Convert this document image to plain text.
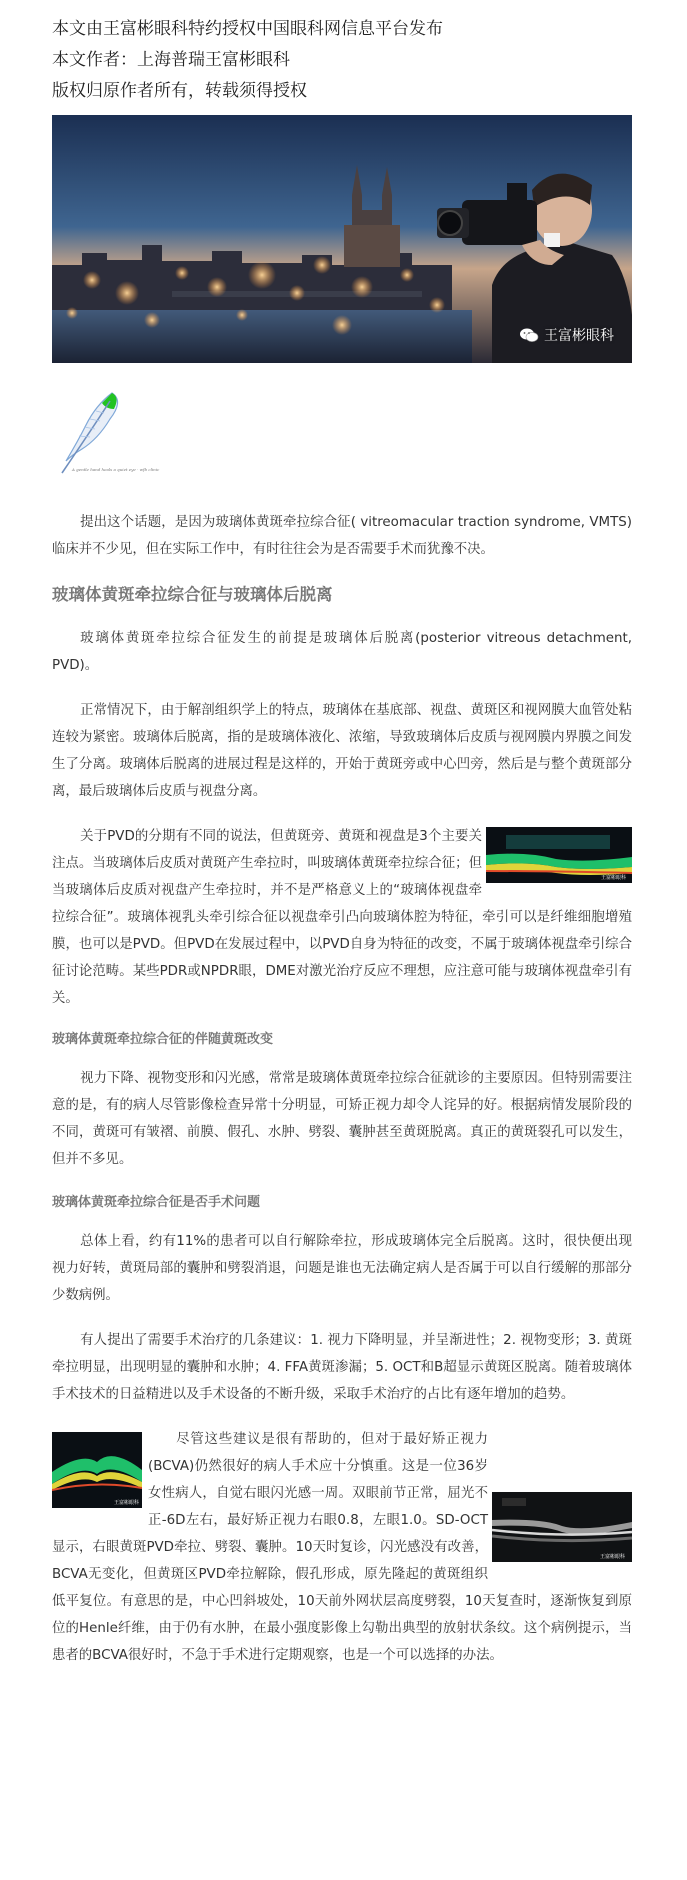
本文由王富彬眼科特约授权中国眼科网信息平台发布

本文作者：上海普瑞王富彬眼科

版权归原作者所有，转载须得授权

王富彬眼科
A gentle hand heals a quiet eye · wfb clinic

提出这个话题，是因为玻璃体黄斑牵拉综合征( vitreomacular traction syndrome, VMTS)临床并不少见，但在实际工作中，有时往往会为是否需要手术而犹豫不决。

玻璃体黄斑牵拉综合征与玻璃体后脱离

玻璃体黄斑牵拉综合征发生的前提是玻璃体后脱离(posterior vitreous detachment, PVD)。

正常情况下，由于解剖组织学上的特点，玻璃体在基底部、视盘、黄斑区和视网膜大血管处粘连较为紧密。玻璃体后脱离，指的是玻璃体液化、浓缩，导致玻璃体后皮质与视网膜内界膜之间发生了分离。玻璃体后脱离的进展过程是这样的，开始于黄斑旁或中心凹旁，然后是与整个黄斑部分离，最后玻璃体后皮质与视盘分离。

王富彬眼科

关于PVD的分期有不同的说法，但黄斑旁、黄斑和视盘是3个主要关注点。当玻璃体后皮质对黄斑产生牵拉时，叫玻璃体黄斑牵拉综合征；但当玻璃体后皮质对视盘产生牵拉时，并不是严格意义上的“玻璃体视盘牵拉综合征”。玻璃体视乳头牵引综合征以视盘牵引凸向玻璃体腔为特征，牵引可以是纤维细胞增殖膜，也可以是PVD。但PVD在发展过程中，以PVD自身为特征的改变，不属于玻璃体视盘牵引综合征讨论范畴。某些PDR或NPDR眼，DME对激光治疗反应不理想，应注意可能与玻璃体视盘牵引有关。

玻璃体黄斑牵拉综合征的伴随黄斑改变

视力下降、视物变形和闪光感，常常是玻璃体黄斑牵拉综合征就诊的主要原因。但特别需要注意的是，有的病人尽管影像检查异常十分明显，可矫正视力却令人诧异的好。根据病情发展阶段的不同，黄斑可有皱褶、前膜、假孔、水肿、劈裂、囊肿甚至黄斑脱离。真正的黄斑裂孔可以发生，但并不多见。

玻璃体黄斑牵拉综合征是否手术问题

总体上看，约有11%的患者可以自行解除牵拉，形成玻璃体完全后脱离。这时，很快便出现视力好转，黄斑局部的囊肿和劈裂消退，问题是谁也无法确定病人是否属于可以自行缓解的那部分少数病例。

有人提出了需要手术治疗的几条建议：1. 视力下降明显，并呈渐进性；2. 视物变形；3. 黄斑牵拉明显，出现明显的囊肿和水肿；4. FFA黄斑渗漏；5. OCT和B超显示黄斑区脱离。随着玻璃体手术技术的日益精进以及手术设备的不断升级，采取手术治疗的占比有逐年增加的趋势。

王富彬眼科
王富彬眼科

尽管这些建议是很有帮助的，但对于最好矫正视力(BCVA)仍然很好的病人手术应十分慎重。这是一位36岁女性病人，自觉右眼闪光感一周。双眼前节正常，屈光不正-6D左右，最好矫正视力右眼0.8，左眼1.0。SD-OCT显示，右眼黄斑PVD牵拉、劈裂、囊肿。10天时复诊，闪光感没有改善，BCVA无变化，但黄斑区PVD牵拉解除，假孔形成，原先隆起的黄斑组织低平复位。有意思的是，中心凹斜坡处，10天前外网状层高度劈裂，10天复查时，逐渐恢复到原位的Henle纤维，由于仍有水肿，在最小强度影像上勾勒出典型的放射状条纹。这个病例提示，当患者的BCVA很好时，不急于手术进行定期观察，也是一个可以选择的办法。
